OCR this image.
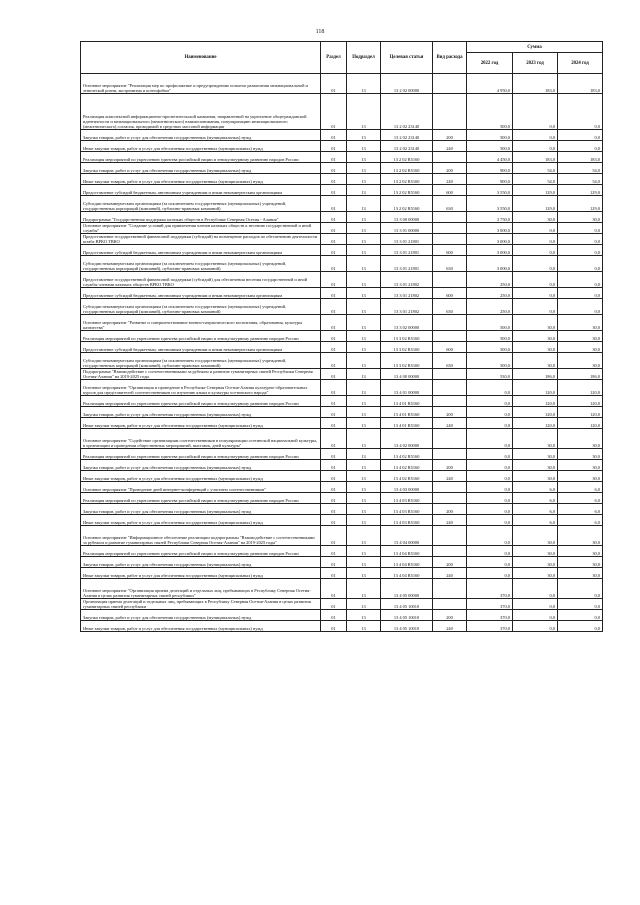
118
Наименование	Раздел	Подраздел	Целевая статья	Вид расхода	Сумма		
					2022 год	2023 год	2024 год
Основное мероприятие "Реализация мер по профилактике и предупреждению попыток разжигания межнациональной и этнической розни, экстремизма и ксенофобии"	01	13	13 2 02 00000		4 950,0	183,0	183,0
Реализация комплексной информационно-просветительской кампании, направленной на укрепление общегражданской идентичности и межнационального (межэтнического) взаимопонимания, популяризацию межнационального (межэтнического) согласия, проводимой в средствах массовой информации	01	13	13 2 02 23140		500,0	0,0	0,0
Закупка товаров, работ и услуг для обеспечения государственных (муниципальных) нужд	01	13	13 2 02 23140	200	500,0	0,0	0,0
Иные закупки товаров, работ и услуг для обеспечения государственных (муниципальных) нужд	01	13	13 2 02 23140	240	500,0	0,0	0,0
Реализация мероприятий по укреплению единства российской нации и этнокультурному развитию народов России	01	13	13 2 02 R5160		4 450,0	183,0	183,0
Закупка товаров, работ и услуг для обеспечения государственных (муниципальных) нужд	01	13	13 2 02 R5160	200	900,0	54,0	54,0
Иные закупки товаров, работ и услуг для обеспечения государственных (муниципальных) нужд	01	13	13 2 02 R5160	240	900,0	54,0	54,0
Предоставление субсидий бюджетным, автономным учреждениям и иным некоммерческим организациям	01	13	13 2 02 R5160	600	3 550,0	129,0	129,0
Субсидии некоммерческим организациям (за исключением государственных (муниципальных) учреждений, государственных корпораций (компаний), публично-правовых компаний)	01	13	13 2 02 R5160	630	3 550,0	129,0	129,0
Подпрограмма "Государственная поддержка казачьих обществ в Республике Северная Осетия - Алания"	01	13	13 3 00 00000		3 750,0	30,0	30,0
Основное мероприятие "Создание условий для привлечения членов казачьих обществ к несению государственной и иной службы"	01	13	13 3 01 00000		3 000,0	0,0	0,0
Предоставление государственной финансовой поддержки (субсидий) на возмещение расходов по обеспечению деятельности штаба ВРКО ТВКО	01	13	13 3 01 21801		3 000,0	0,0	0,0
Предоставление субсидий бюджетным, автономным учреждениям и иным некоммерческим организациям	01	13	13 3 01 21801	600	3 000,0	0,0	0,0
Субсидии некоммерческим организациям (за исключением государственных (муниципальных) учреждений, государственных корпораций (компаний), публично-правовых компаний)	01	13	13 3 01 21801	630	3 000,0	0,0	0,0
Предоставление государственной финансовой поддержки (субсидий) для обеспечения несения государственной и иной службы членами казачьих обществ ВРКО ТВКО	01	13	13 3 01 21802		250,0	0,0	0,0
Предоставление субсидий бюджетным, автономным учреждениям и иным некоммерческим организациям	01	13	13 3 01 21802	600	250,0	0,0	0,0
Субсидии некоммерческим организациям (за исключением государственных (муниципальных) учреждений, государственных корпораций (компаний), публично-правовых компаний)	01	13	13 3 01 21802	630	250,0	0,0	0,0
Основное мероприятие "Развитие и совершенствование военно-патриотического воспитания, образования, культуры казачества"	01	13	13 3 02 00000		500,0	30,0	30,0
Реализация мероприятий по укреплению единства российской нации и этнокультурному развитию народов России	01	13	13 3 02 R5160		500,0	30,0	30,0
Предоставление субсидий бюджетным, автономным учреждениям и иным некоммерческим организациям	01	13	13 3 02 R5160	600	500,0	30,0	30,0
Субсидии некоммерческим организациям (за исключением государственных (муниципальных) учреждений, государственных корпораций (компаний), публично-правовых компаний)	01	13	13 3 02 R5160	630	500,0	30,0	30,0
Подпрограмма "Взаимодействие с соотечественниками за рубежом и развитие гуманитарных связей Республики Северная Осетия-Алания" на 2019-2025 годы	01	13	13 4 00 00000		530,0	186,0	186,0
Основное мероприятие "Организация и проведение в Республике Северная Осетия-Алания культурно-образовательных курсов для представителей соотечественников по изучению языка и культуры осетинского народа"	01	13	13 4 01 00000		0,0	120,0	120,0
Реализация мероприятий по укреплению единства российской нации и этнокультурному развитию народов России	01	13	13 4 01 R5160		0,0	120,0	120,0
Закупка товаров, работ и услуг для обеспечения государственных (муниципальных) нужд	01	13	13 4 01 R5160	200	0,0	120,0	120,0
Иные закупки товаров, работ и услуг для обеспечения государственных (муниципальных) нужд	01	13	13 4 01 R5160	240	0,0	120,0	120,0
Основное мероприятие "Содействие организациям соотечественников в популяризации осетинской национальной культуры, в организации и проведении общественных мероприятий, выставок, дней культуры"	01	13	13 4 02 00000		0,0	30,0	30,0
Реализация мероприятий по укреплению единства российской нации и этнокультурному развитию народов России	01	13	13 4 02 R5160		0,0	30,0	30,0
Закупка товаров, работ и услуг для обеспечения государственных (муниципальных) нужд	01	13	13 4 02 R5160	200	0,0	30,0	30,0
Иные закупки товаров, работ и услуг для обеспечения государственных (муниципальных) нужд	01	13	13 4 02 R5160	240	0,0	30,0	30,0
Основное мероприятие "Проведение дней интернет-конференций с участием соотечественников"	01	13	13 4 03 00000		0,0	6,0	6,0
Реализация мероприятий по укреплению единства российской нации и этнокультурному развитию народов России	01	13	13 4 03 R5160		0,0	6,0	6,0
Закупка товаров, работ и услуг для обеспечения государственных (муниципальных) нужд	01	13	13 4 03 R5160	200	0,0	6,0	6,0
Иные закупки товаров, работ и услуг для обеспечения государственных (муниципальных) нужд	01	13	13 4 03 R5160	240	0,0	6,0	6,0
Основное мероприятие "Информационное обеспечение реализации подпрограммы "Взаимодействие с соотечественниками за рубежом и развитие гуманитарных связей Республики Северная Осетия-Алания" на 2019-2025 годы"	01	13	13 4 04 00000		0,0	30,0	30,0
Реализация мероприятий по укреплению единства российской нации и этнокультурному развитию народов России	01	13	13 4 04 R5160		0,0	30,0	30,0
Закупка товаров, работ и услуг для обеспечения государственных (муниципальных) нужд	01	13	13 4 04 R5160	200	0,0	30,0	30,0
Иные закупки товаров, работ и услуг для обеспечения государственных (муниципальных) нужд	01	13	13 4 04 R5160	240	0,0	30,0	30,0
Основное мероприятие "Организация приема делегаций и отдельных лиц, пребывающих в Республику Северная Осетия-Алания в целях развития гуманитарных связей республики"	01	13	13 4 05 00000		370,0	0,0	0,0
Организация приема делегаций и отдельных лиц, пребывающих в Республику Северная Осетия-Алания в целях развития гуманитарных связей республики	01	13	13 4 05 10010		370,0	0,0	0,0
Закупка товаров, работ и услуг для обеспечения государственных (муниципальных) нужд	01	13	13 4 05 10010	200	370,0	0,0	0,0
Иные закупки товаров, работ и услуг для обеспечения государственных (муниципальных) нужд	01	13	13 4 05 10010	240	370,0	0,0	0,0
